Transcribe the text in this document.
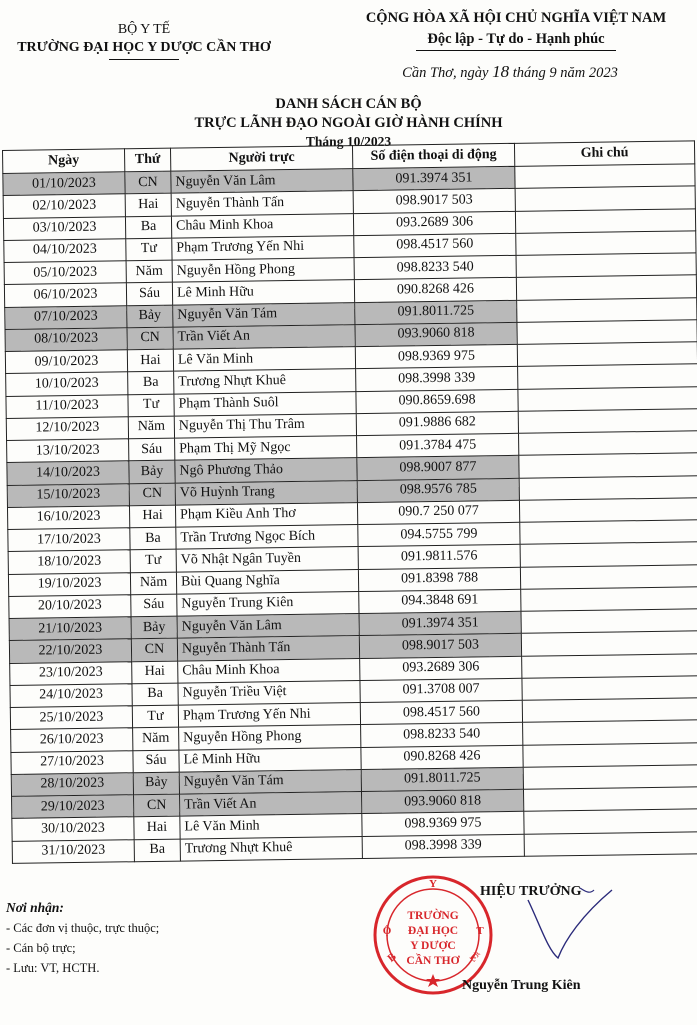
BỘ Y TẾ
TRƯỜNG ĐẠI HỌC Y DƯỢC CẦN THƠ
CỘNG HÒA XÃ HỘI CHỦ NGHĨA VIỆT NAM
Độc lập - Tự do - Hạnh phúc
Cần Thơ, ngày 18 tháng 9 năm 2023
DANH SÁCH CÁN BỘ
TRỰC LÃNH ĐẠO NGOÀI GIỜ HÀNH CHÍNH
Tháng 10/2023
Ngày	Thứ	Người trực	Số điện thoại di động	Ghi chú
01/10/2023	CN	Nguyễn Văn Lâm	091.3974 351	
02/10/2023	Hai	Nguyễn Thành Tấn	098.9017 503	
03/10/2023	Ba	Châu Minh Khoa	093.2689 306	
04/10/2023	Tư	Phạm Trương Yến Nhi	098.4517 560	
05/10/2023	Năm	Nguyễn Hồng Phong	098.8233 540	
06/10/2023	Sáu	Lê Minh Hữu	090.8268 426	
07/10/2023	Bảy	Nguyễn Văn Tám	091.8011.725	
08/10/2023	CN	Trần Viết An	093.9060 818	
09/10/2023	Hai	Lê Văn Minh	098.9369 975	
10/10/2023	Ba	Trương Nhựt Khuê	098.3998 339	
11/10/2023	Tư	Phạm Thành Suôl	090.8659.698	
12/10/2023	Năm	Nguyễn Thị Thu Trâm	091.9886 682	
13/10/2023	Sáu	Phạm Thị Mỹ Ngọc	091.3784 475	
14/10/2023	Bảy	Ngô Phương Thảo	098.9007 877	
15/10/2023	CN	Võ Huỳnh Trang	098.9576 785	
16/10/2023	Hai	Phạm Kiều Anh Thơ	090.7 250 077	
17/10/2023	Ba	Trần Trương Ngọc Bích	094.5755 799	
18/10/2023	Tư	Võ Nhật Ngân Tuyền	091.9811.576	
19/10/2023	Năm	Bùi Quang Nghĩa	091.8398 788	
20/10/2023	Sáu	Nguyễn Trung Kiên	094.3848 691	
21/10/2023	Bảy	Nguyễn Văn Lâm	091.3974 351	
22/10/2023	CN	Nguyễn Thành Tấn	098.9017 503	
23/10/2023	Hai	Châu Minh Khoa	093.2689 306	
24/10/2023	Ba	Nguyễn Triều Việt	091.3708 007	
25/10/2023	Tư	Phạm Trương Yến Nhi	098.4517 560	
26/10/2023	Năm	Nguyễn Hồng Phong	098.8233 540	
27/10/2023	Sáu	Lê Minh Hữu	090.8268 426	
28/10/2023	Bảy	Nguyễn Văn Tám	091.8011.725	
29/10/2023	CN	Trần Viết An	093.9060 818	
30/10/2023	Hai	Lê Văn Minh	098.9369 975	
31/10/2023	Ba	Trương Nhựt Khuê	098.3998 339	
Nơi nhận:
- Các đơn vị thuộc, trực thuộc;
- Cán bộ trực;
- Lưu: VT, HCTH.
B
Ộ
Y
T
Ế
TRƯỜNG
ĐẠI HỌC
Y DƯỢC
CẦN THƠ
HIỆU TRƯỞNG
Nguyễn Trung Kiên
